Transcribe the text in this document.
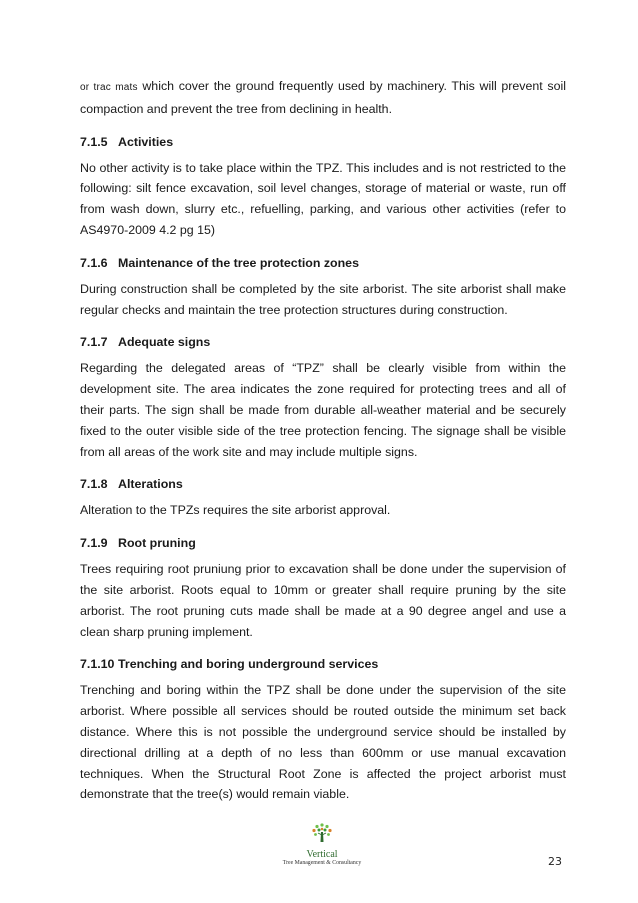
or trac mats which cover the ground frequently used by machinery. This will prevent soil compaction and prevent the tree from declining in health.

7.1.5 Activities

No other activity is to take place within the TPZ. This includes and is not restricted to the following: silt fence excavation, soil level changes, storage of material or waste, run off from wash down, slurry etc., refuelling, parking, and various other activities (refer to AS4970-2009 4.2 pg 15)

7.1.6 Maintenance of the tree protection zones

During construction shall be completed by the site arborist. The site arborist shall make regular checks and maintain the tree protection structures during construction.

7.1.7 Adequate signs

Regarding the delegated areas of “TPZ” shall be clearly visible from within the development site. The area indicates the zone required for protecting trees and all of their parts. The sign shall be made from durable all-weather material and be securely fixed to the outer visible side of the tree protection fencing. The signage shall be visible from all areas of the work site and may include multiple signs.

7.1.8 Alterations

Alteration to the TPZs requires the site arborist approval.

7.1.9 Root pruning

Trees requiring root pruniung prior to excavation shall be done under the supervision of the site arborist. Roots equal to 10mm or greater shall require pruning by the site arborist. The root pruning cuts made shall be made at a 90 degree angel and use a clean sharp pruning implement.

7.1.10 Trenching and boring underground services

Trenching and boring within the TPZ shall be done under the supervision of the site arborist. Where possible all services should be routed outside the minimum set back distance. Where this is not possible the underground service should be installed by directional drilling at a depth of no less than 600mm or use manual excavation techniques. When the Structural Root Zone is affected the project arborist must demonstrate that the tree(s) would remain viable.

Vertical
Tree Management & Consultancy	23
